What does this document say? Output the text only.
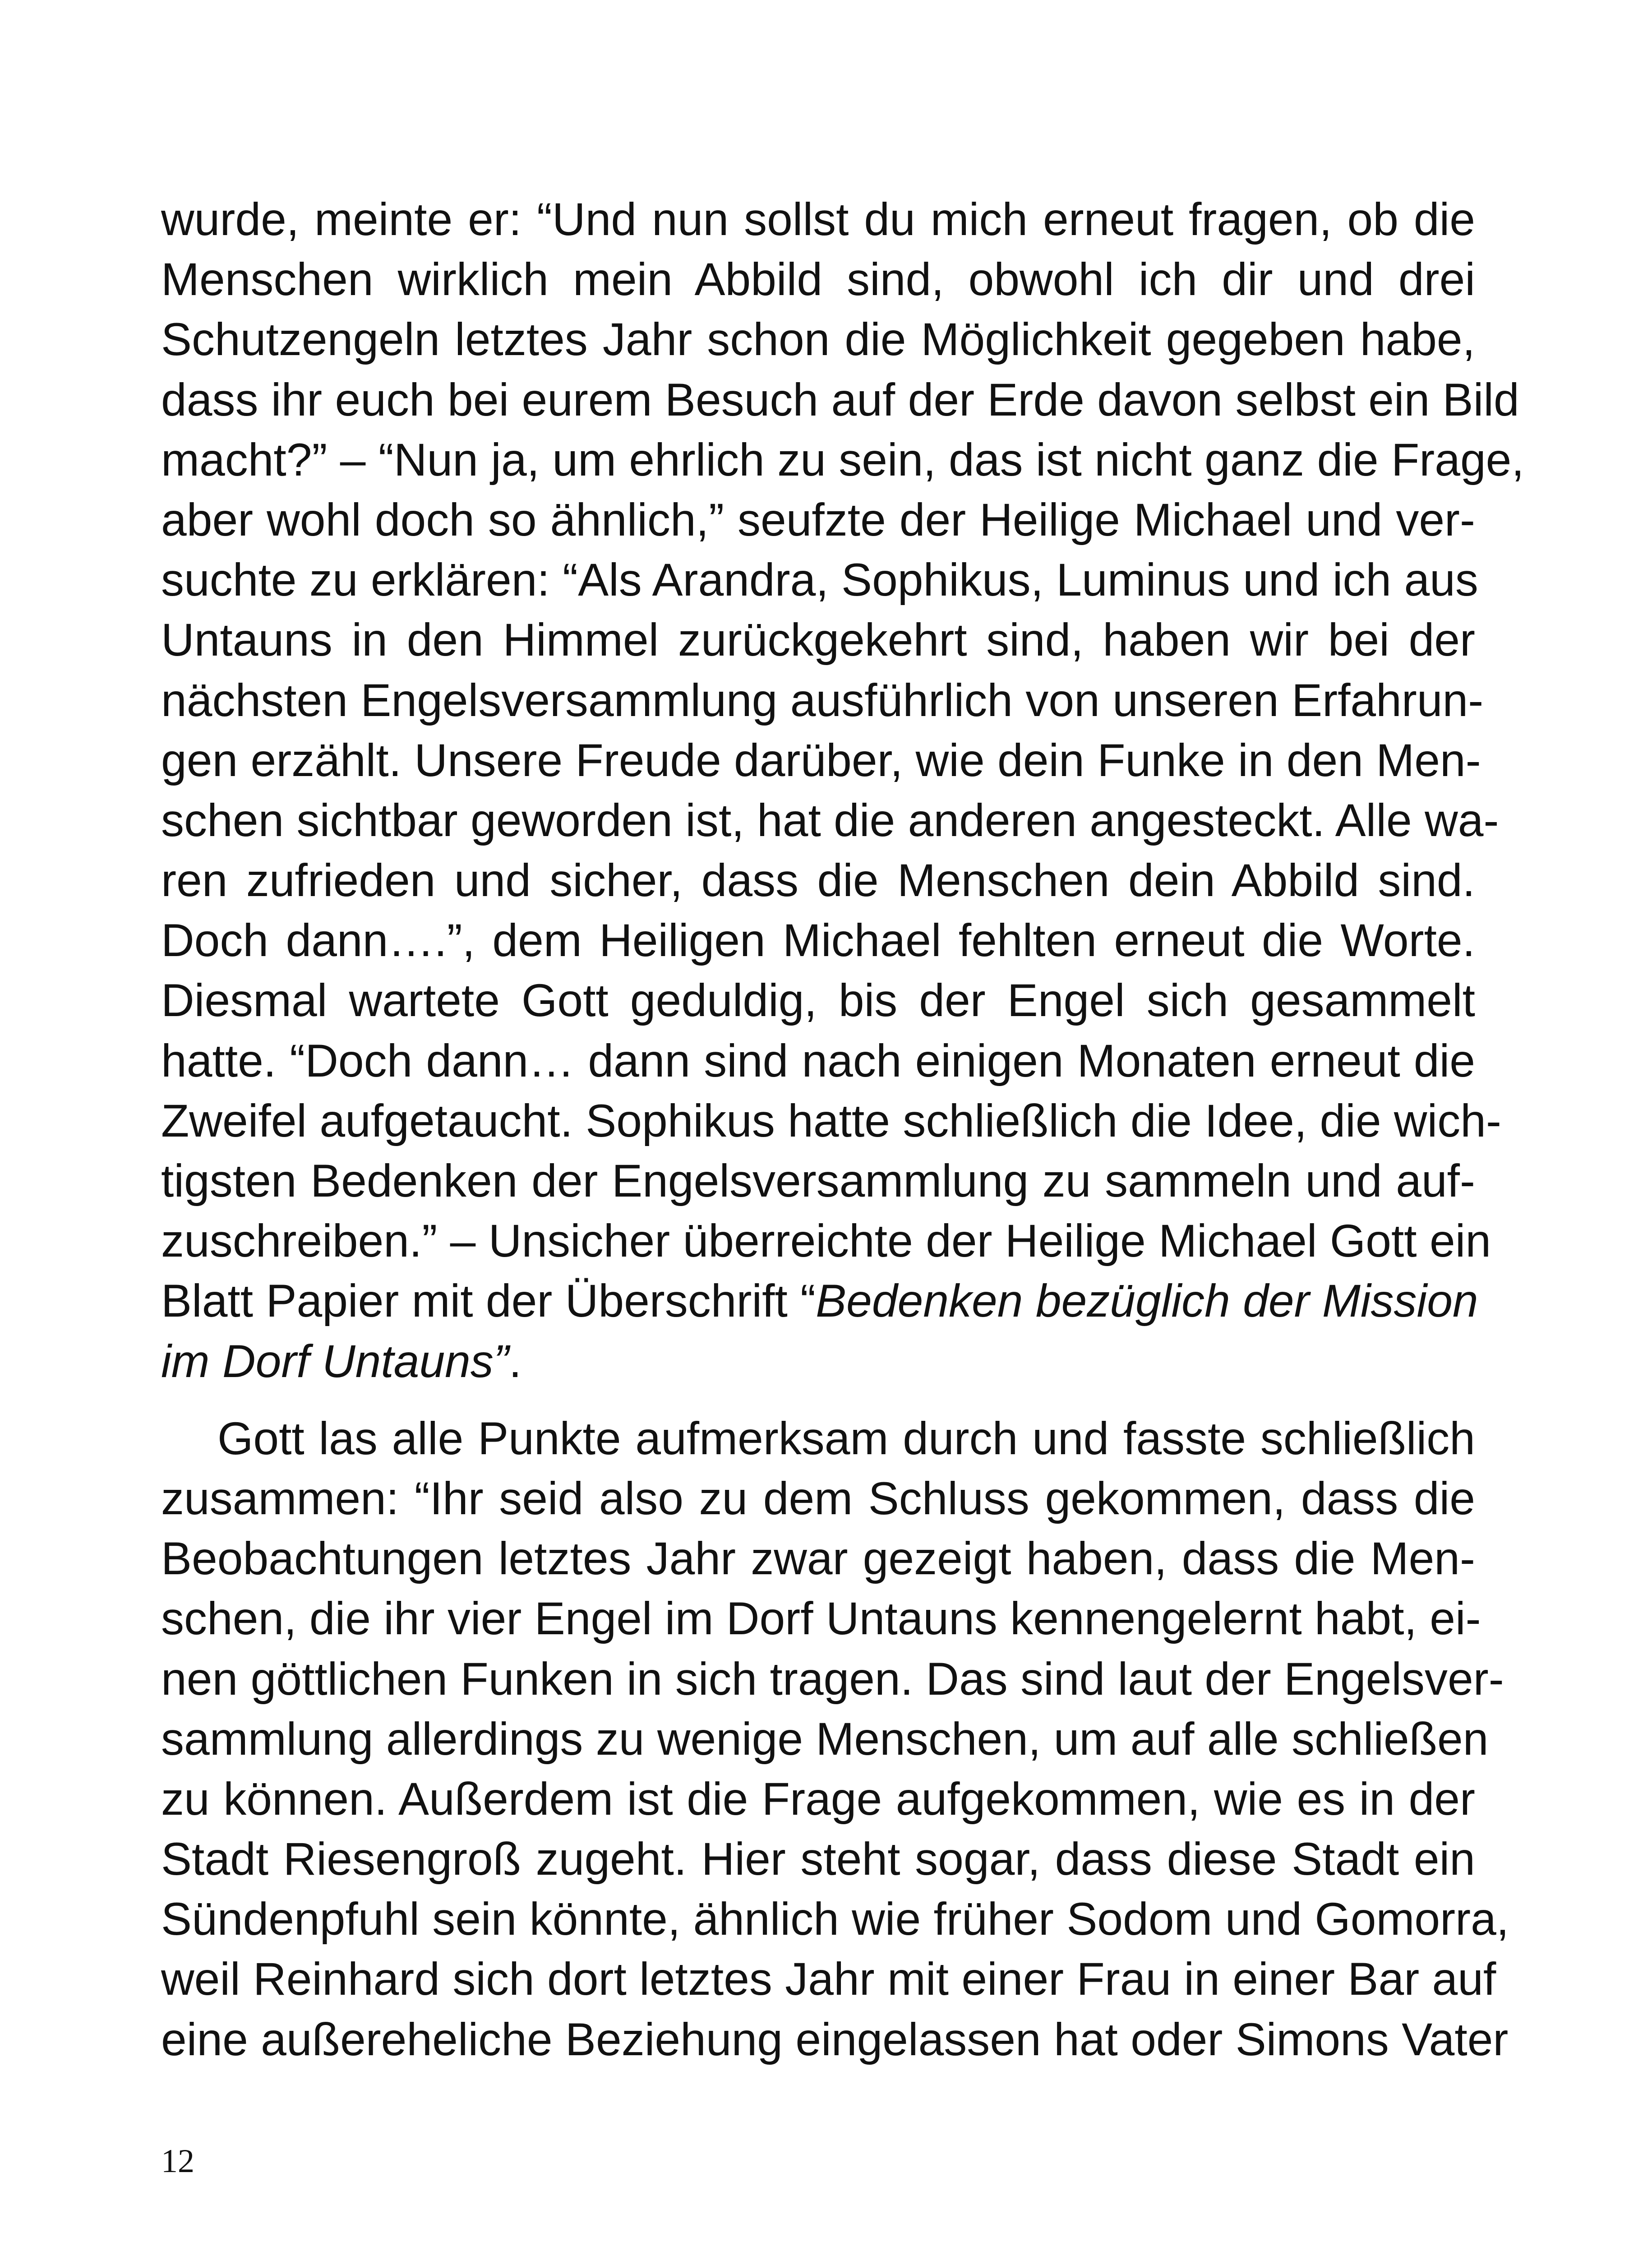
wurde, meinte er: “Und nun sollst du mich erneut fragen, ob die
Menschen wirklich mein Abbild sind, obwohl ich dir und drei
Schutzengeln letztes Jahr schon die Möglichkeit gegeben habe,
dass ihr euch bei eurem Besuch auf der Erde davon selbst ein Bild
macht?” – “Nun ja, um ehrlich zu sein, das ist nicht ganz die Frage,
aber wohl doch so ähnlich,” seufzte der Heilige Michael und ver-
suchte zu erklären: “Als Arandra, Sophikus, Luminus und ich aus
Untauns in den Himmel zurückgekehrt sind, haben wir bei der
nächsten Engelsversammlung ausführlich von unseren Erfahrun-
gen erzählt. Unsere Freude darüber, wie dein Funke in den Men-
schen sichtbar geworden ist, hat die anderen angesteckt. Alle wa-
ren zufrieden und sicher, dass die Menschen dein Abbild sind.
Doch dann….”, dem Heiligen Michael fehlten erneut die Worte.
Diesmal wartete Gott geduldig, bis der Engel sich gesammelt
hatte. “Doch dann… dann sind nach einigen Monaten erneut die
Zweifel aufgetaucht. Sophikus hatte schließlich die Idee, die wich-
tigsten Bedenken der Engelsversammlung zu sammeln und auf-
zuschreiben.” – Unsicher überreichte der Heilige Michael Gott ein
Blatt Papier mit der Überschrift “Bedenken bezüglich der Mission
im Dorf Untauns”.
Gott las alle Punkte aufmerksam durch und fasste schließlich
zusammen: “Ihr seid also zu dem Schluss gekommen, dass die
Beobachtungen letztes Jahr zwar gezeigt haben, dass die Men-
schen, die ihr vier Engel im Dorf Untauns kennengelernt habt, ei-
nen göttlichen Funken in sich tragen. Das sind laut der Engelsver-
sammlung allerdings zu wenige Menschen, um auf alle schließen
zu können. Außerdem ist die Frage aufgekommen, wie es in der
Stadt Riesengroß zugeht. Hier steht sogar, dass diese Stadt ein
Sündenpfuhl sein könnte, ähnlich wie früher Sodom und Gomorra,
weil Reinhard sich dort letztes Jahr mit einer Frau in einer Bar auf
eine außereheliche Beziehung eingelassen hat oder Simons Vater
12
